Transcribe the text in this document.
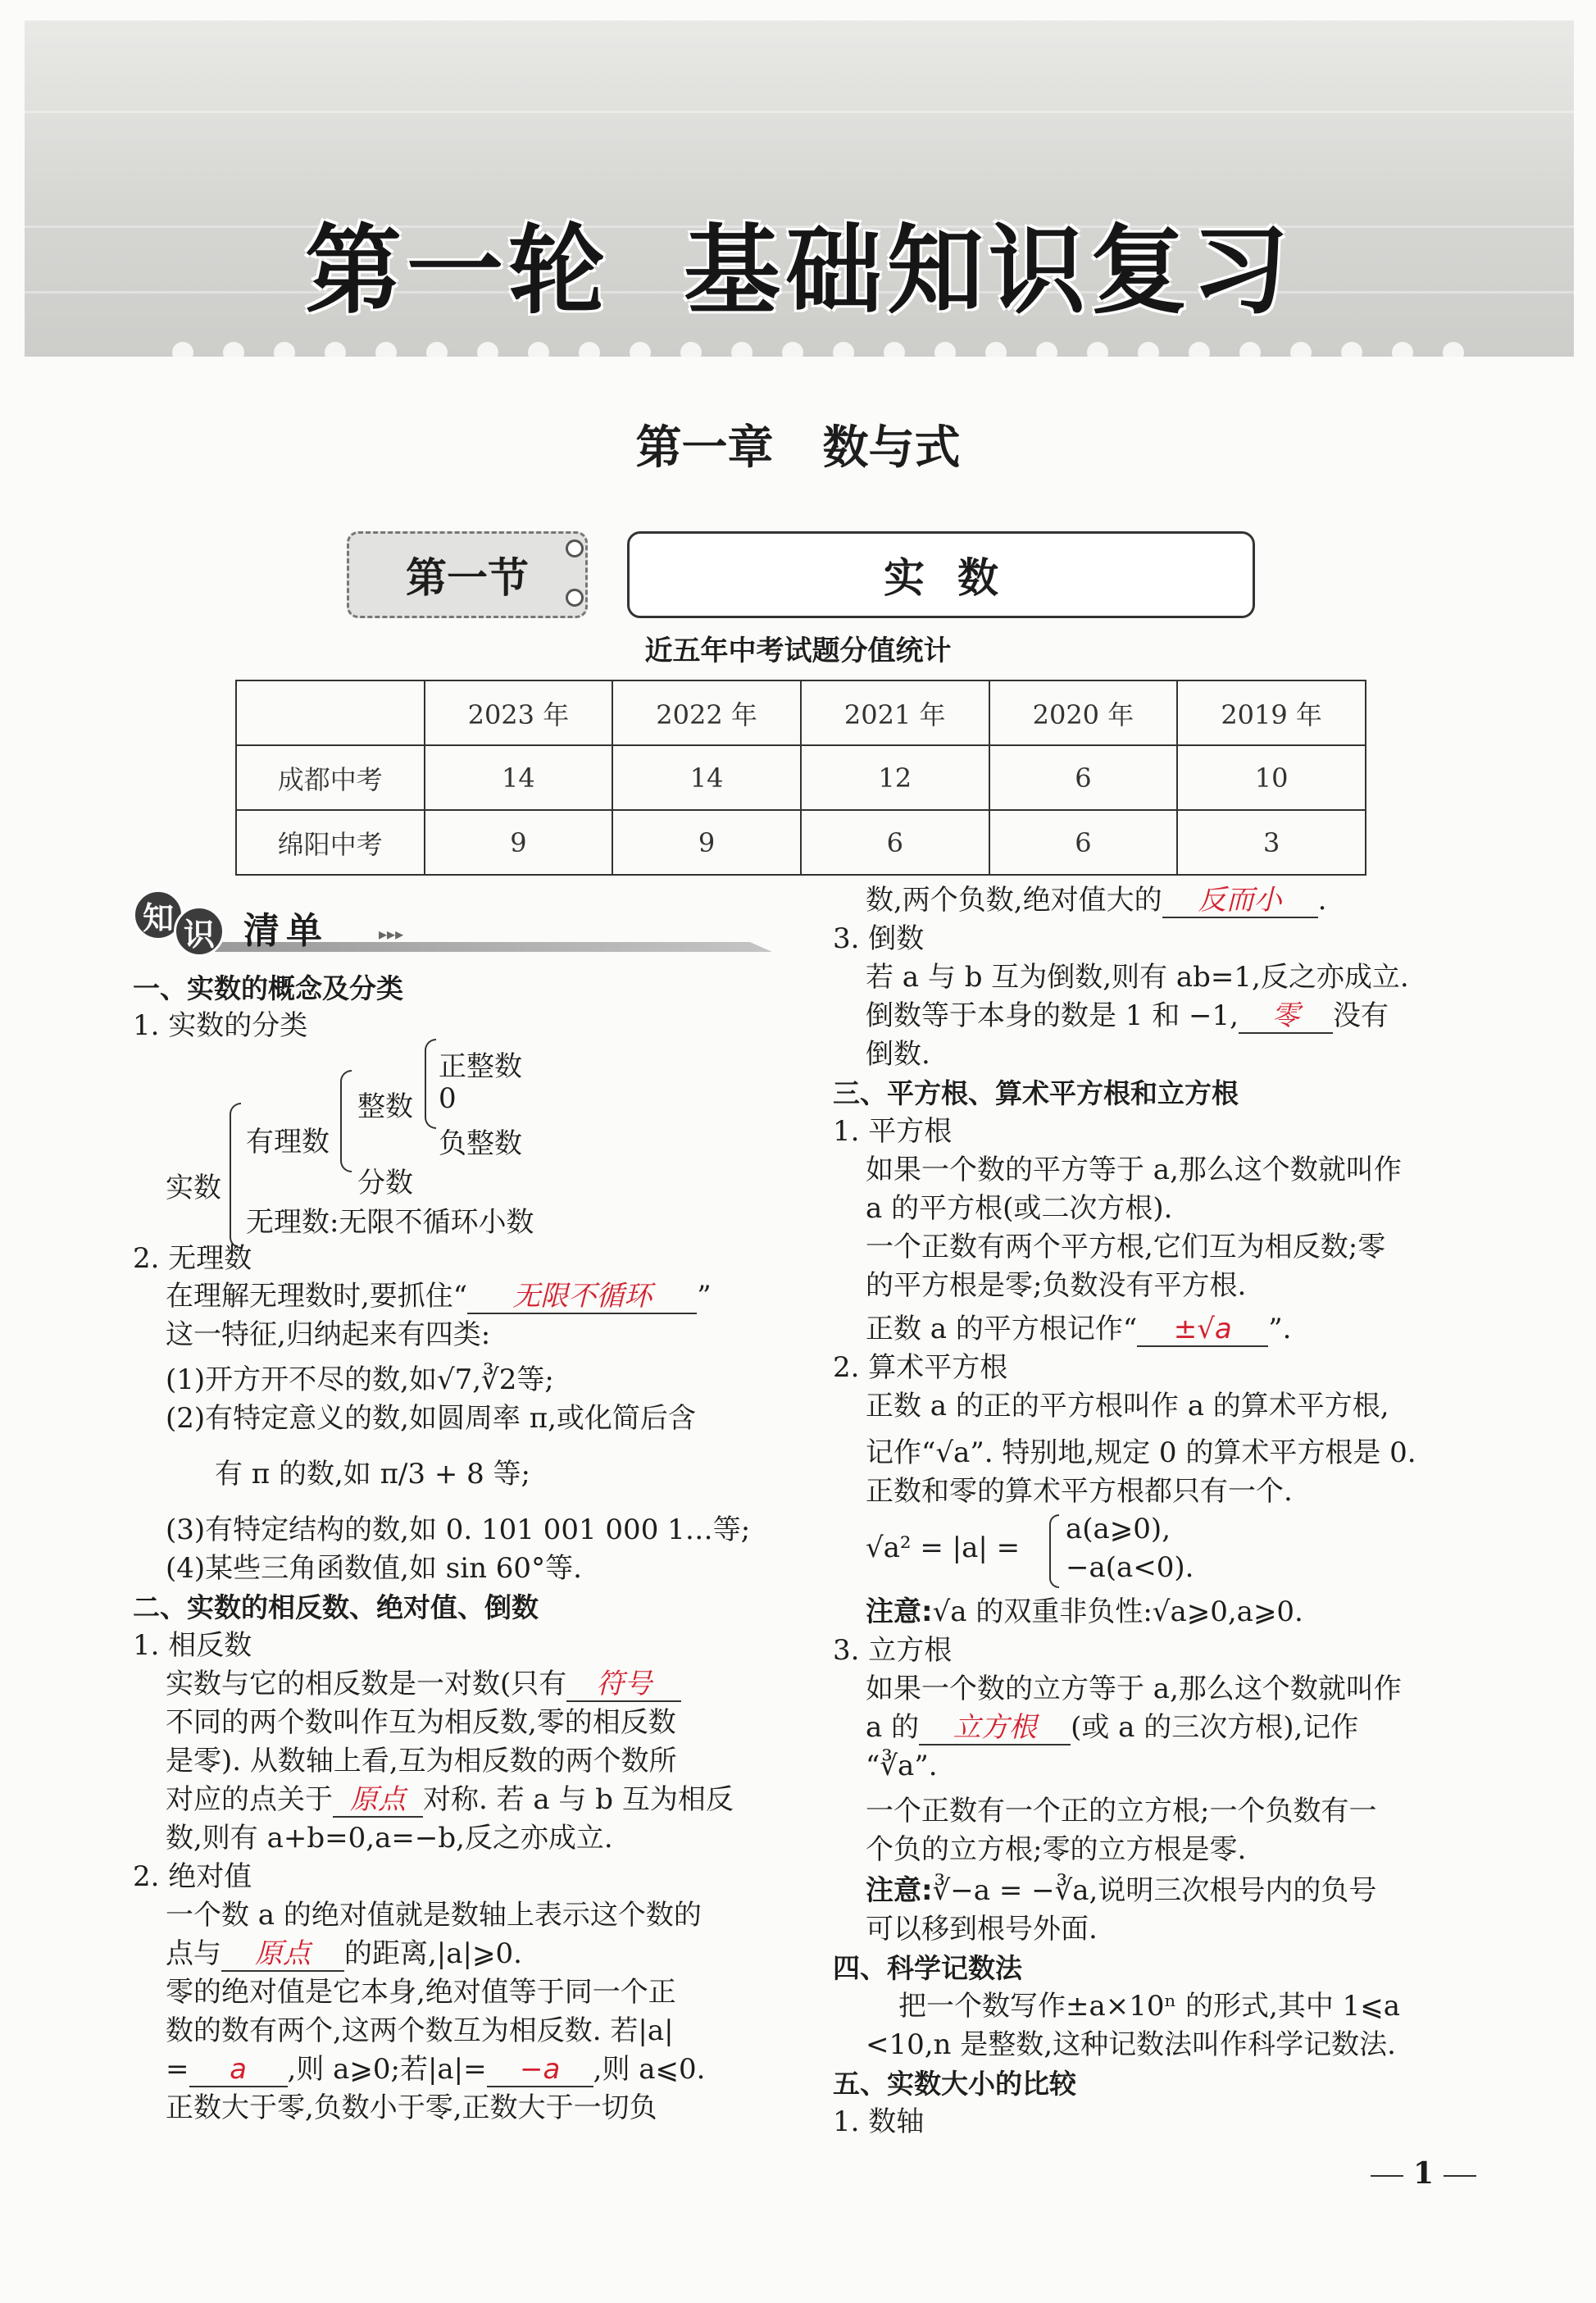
第一轮 基础知识复习
第一章 数与式
第一节	实数
近五年中考试题分值统计
	2023 年	2022 年	2021 年	2020 年	2019 年
成都中考	14	14	12	6	10
绵阳中考	9	9	6	6	3
知 识 清单	▸▸▸
一、实数的概念及分类
1. 实数的分类
实数
有理数
整数
正整数
0
负整数
分数
无理数:无限不循环小数
2. 无理数
在理解无理数时,要抓住“ 无限不循环 ”
这一特征,归纳起来有四类:
(1)开方开不尽的数,如√7,∛2等;
(2)有特定意义的数,如圆周率 π,或化简后含
有 π 的数,如 π/3 + 8 等;
(3)有特定结构的数,如 0. 101 001 000 1…等;
(4)某些三角函数值,如 sin 60°等.
二、实数的相反数、绝对值、倒数
1. 相反数
实数与它的相反数是一对数(只有 符号
不同的两个数叫作互为相反数,零的相反数
是零). 从数轴上看,互为相反数的两个数所
对应的点关于 原点 对称. 若 a 与 b 互为相反
数,则有 a+b=0,a=−b,反之亦成立.
2. 绝对值
一个数 a 的绝对值就是数轴上表示这个数的
点与 原点 的距离,|a|⩾0.
零的绝对值是它本身,绝对值等于同一个正
数的数有两个,这两个数互为相反数. 若|a|
= a ,则 a⩾0;若|a|= −a ,则 a⩽0.
正数大于零,负数小于零,正数大于一切负
数,两个负数,绝对值大的 反而小 .
3. 倒数
若 a 与 b 互为倒数,则有 ab=1,反之亦成立.
倒数等于本身的数是 1 和 −1, 零 没有
倒数.
三、平方根、算术平方根和立方根
1. 平方根
如果一个数的平方等于 a,那么这个数就叫作
a 的平方根(或二次方根).
一个正数有两个平方根,它们互为相反数;零
的平方根是零;负数没有平方根.
正数 a 的平方根记作“ ±√a ”.
2. 算术平方根
正数 a 的正的平方根叫作 a 的算术平方根,
记作“√a”. 特别地,规定 0 的算术平方根是 0.
正数和零的算术平方根都只有一个.
√a² = |a| =
a(a⩾0),
−a(a<0).
注意:√a 的双重非负性:√a⩾0,a⩾0.
3. 立方根
如果一个数的立方等于 a,那么这个数就叫作
a 的 立方根 (或 a 的三次方根),记作
“∛a”.
一个正数有一个正的立方根;一个负数有一
个负的立方根;零的立方根是零.
注意:∛−a = −∛a,说明三次根号内的负号
可以移到根号外面.
四、科学记数法
把一个数写作±a×10ⁿ 的形式,其中 1⩽a
<10,n 是整数,这种记数法叫作科学记数法.
五、实数大小的比较
1. 数轴
1
